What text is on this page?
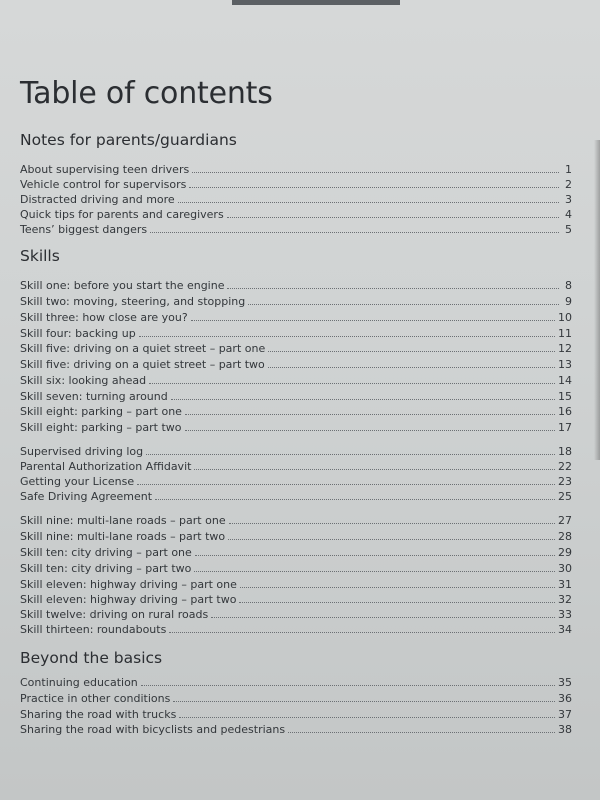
Table of contents
Notes for parents/guardians
About supervising teen drivers	1
Vehicle control for supervisors	2
Distracted driving and more	3
Quick tips for parents and caregivers	4
Teens’ biggest dangers	5
Skills
Skill one: before you start the engine	8
Skill two: moving, steering, and stopping	9
Skill three: how close are you?	10
Skill four: backing up	11
Skill five: driving on a quiet street – part one	12
Skill five: driving on a quiet street – part two	13
Skill six: looking ahead	14
Skill seven: turning around	15
Skill eight: parking – part one	16
Skill eight: parking – part two	17
Supervised driving log	18
Parental Authorization Affidavit	22
Getting your License	23
Safe Driving Agreement	25
Skill nine: multi-lane roads – part one	27
Skill nine: multi-lane roads – part two	28
Skill ten: city driving – part one	29
Skill ten: city driving – part two	30
Skill eleven: highway driving – part one	31
Skill eleven: highway driving – part two	32
Skill twelve: driving on rural roads	33
Skill thirteen: roundabouts	34
Beyond the basics
Continuing education	35
Practice in other conditions	36
Sharing the road with trucks	37
Sharing the road with bicyclists and pedestrians	38
